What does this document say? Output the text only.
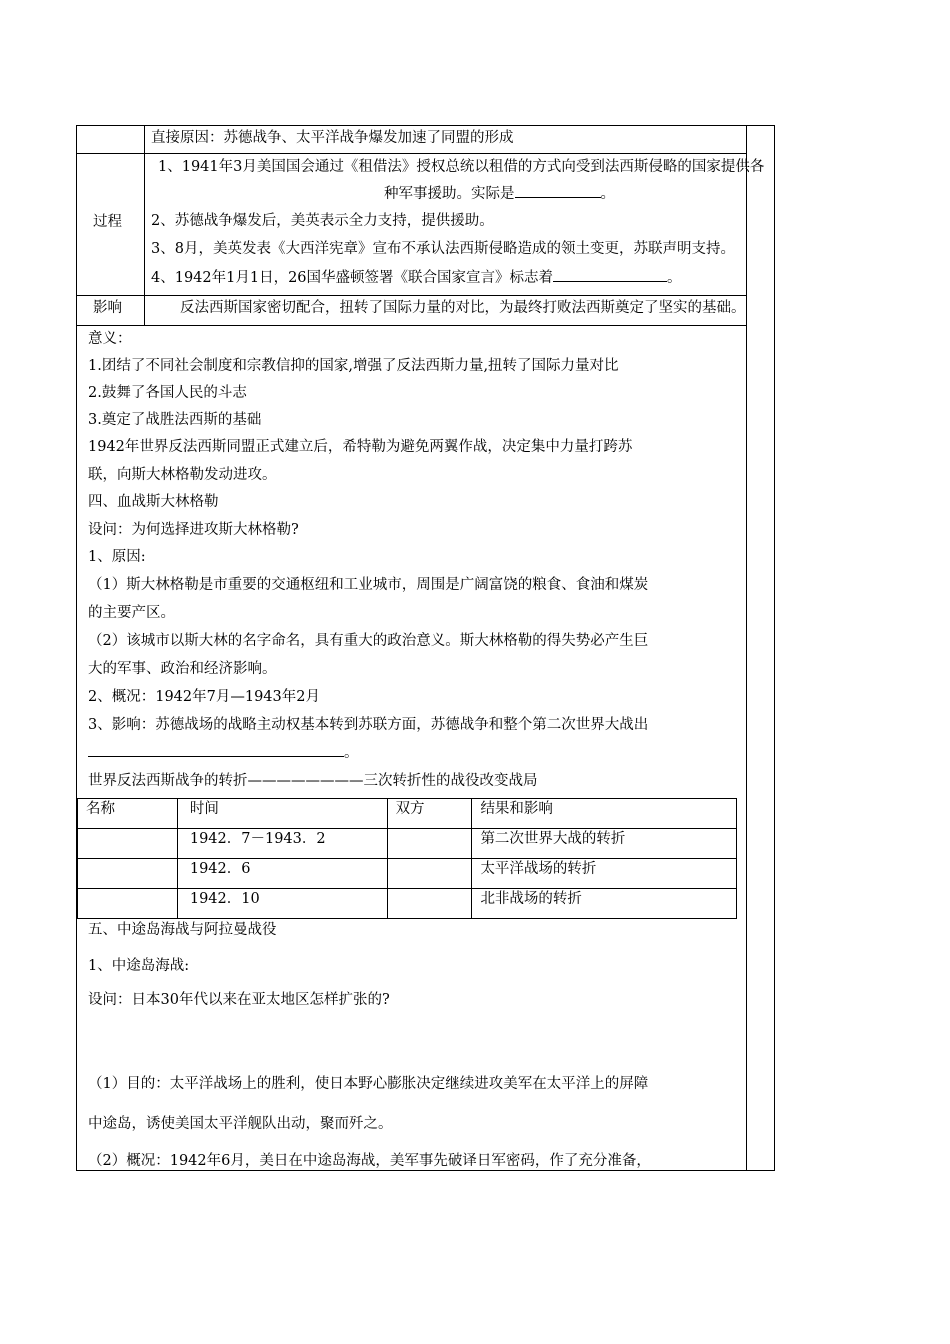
直接原因：苏德战争、太平洋战争爆发加速了同盟的形成
过程
1、1941年3月美国国会通过《租借法》授权总统以租借的方式向受到法西斯侵略的国家提供各
种军事援助。实际是	。
2、苏德战争爆发后，美英表示全力支持，提供援助。
3、8月，美英发表《大西洋宪章》宣布不承认法西斯侵略造成的领土变更，苏联声明支持。
4、1942年1月1日，26国华盛顿签署《联合国家宣言》标志着	。
影响	反法西斯国家密切配合，扭转了国际力量的对比，为最终打败法西斯奠定了坚实的基础。
意义：
1.团结了不同社会制度和宗教信抑的国家,增强了反法西斯力量,扭转了国际力量对比
2.鼓舞了各国人民的斗志
3.奠定了战胜法西斯的基础
1942年世界反法西斯同盟正式建立后，希特勒为避免两翼作战，决定集中力量打跨苏
联，向斯大林格勒发动进攻。
四、血战斯大林格勒
设问：为何选择进攻斯大林格勒?
1、原因:
（1）斯大林格勒是市重要的交通枢纽和工业城市，周围是广阔富饶的粮食、食油和煤炭
的主要产区。
（2）该城市以斯大林的名字命名，具有重大的政治意义。斯大林格勒的得失势必产生巨
大的军事、政治和经济影响。
2、概况：1942年7月—1943年2月
3、影响：苏德战场的战略主动权基本转到苏联方面，苏德战争和整个第二次世界大战出
。
世界反法西斯战争的转折————————三次转折性的战役改变战局
名称	时间	双方	结果和影响
	1942．7－1943．2		第二次世界大战的转折
	1942．6		太平洋战场的转折
	1942．10		北非战场的转折
五、中途岛海战与阿拉曼战役
1、中途岛海战:
设问：日本30年代以来在亚太地区怎样扩张的?
（1）目的：太平洋战场上的胜利，使日本野心膨胀决定继续进攻美军在太平洋上的屏障
中途岛，诱使美国太平洋舰队出动，聚而歼之。
（2）概况：1942年6月，美日在中途岛海战，美军事先破译日军密码，作了充分准备，
